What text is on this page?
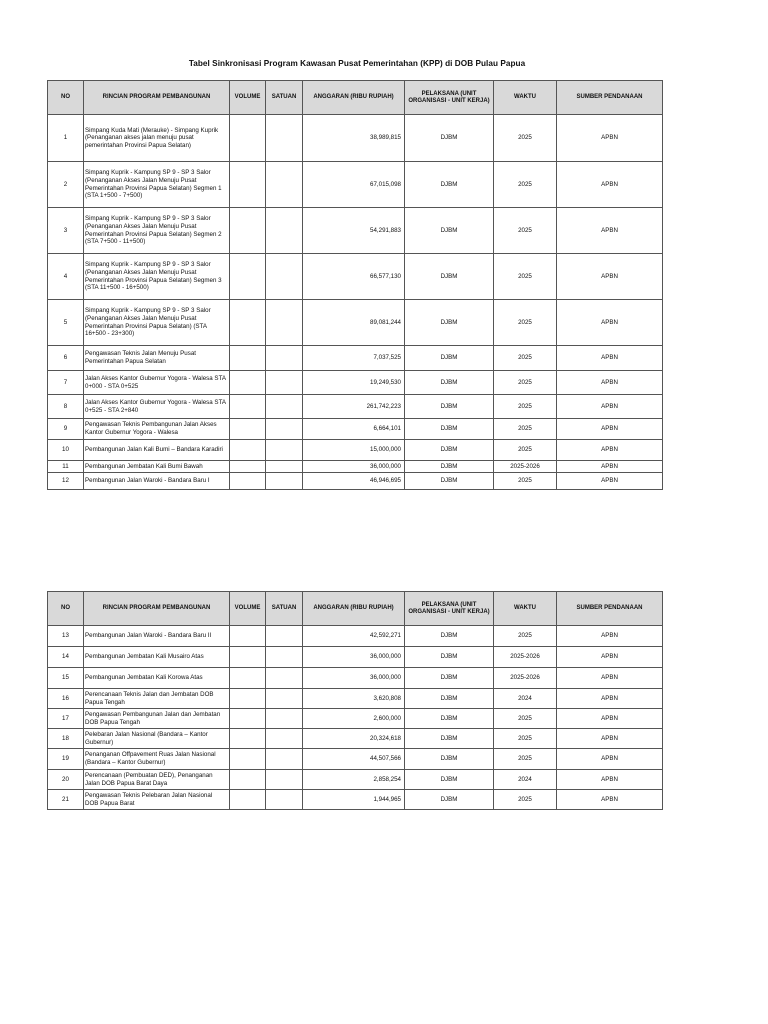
Tabel Sinkronisasi Program Kawasan Pusat Pemerintahan (KPP) di DOB Pulau Papua
NO	RINCIAN PROGRAM PEMBANGUNAN	VOLUME	SATUAN	ANGGARAN (RIBU RUPIAH)	PELAKSANA (UNIT ORGANISASI - UNIT KERJA)	WAKTU	SUMBER PENDANAAN
1	Simpang Kuda Mati (Merauke) - Simpang Kuprik (Penanganan akses jalan menuju pusat pemerintahan Provinsi Papua Selatan)			38,989,815	DJBM	2025	APBN
2	Simpang Kuprik - Kampung SP 9 - SP 3 Salor (Penanganan Akses Jalan Menuju Pusat Pemerintahan Provinsi Papua Selatan) Segmen 1 (STA 1+500 - 7+500)			67,015,098	DJBM	2025	APBN
3	Simpang Kuprik - Kampung SP 9 - SP 3 Salor (Penanganan Akses Jalan Menuju Pusat Pemerintahan Provinsi Papua Selatan) Segmen 2 (STA 7+500 - 11+500)			54,291,883	DJBM	2025	APBN
4	Simpang Kuprik - Kampung SP 9 - SP 3 Salor (Penanganan Akses Jalan Menuju Pusat Pemerintahan Provinsi Papua Selatan) Segmen 3 (STA 11+500 - 16+500)			66,577,130	DJBM	2025	APBN
5	Simpang Kuprik - Kampung SP 9 - SP 3 Salor (Penanganan Akses Jalan Menuju Pusat Pemerintahan Provinsi Papua Selatan) (STA 16+500 - 23+300)			89,081,244	DJBM	2025	APBN
6	Pengawasan Teknis Jalan Menuju Pusat Pemerintahan Papua Selatan			7,037,525	DJBM	2025	APBN
7	Jalan Akses Kantor Gubernur Yogora - Walesa STA 0+000 - STA 0+525			19,249,530	DJBM	2025	APBN
8	Jalan Akses Kantor Gubernur Yogora - Walesa STA 0+525 - STA 2+840			261,742,223	DJBM	2025	APBN
9	Pengawasan Teknis Pembangunan Jalan Akses Kantor Gubernur Yogora - Walesa			6,664,101	DJBM	2025	APBN
10	Pembangunan Jalan Kali Bumi – Bandara Karadiri			15,000,000	DJBM	2025	APBN
11	Pembangunan Jembatan Kali Bumi Bawah			36,000,000	DJBM	2025-2026	APBN
12	Pembangunan Jalan Waroki - Bandara Baru I			46,946,695	DJBM	2025	APBN
NO	RINCIAN PROGRAM PEMBANGUNAN	VOLUME	SATUAN	ANGGARAN (RIBU RUPIAH)	PELAKSANA (UNIT ORGANISASI - UNIT KERJA)	WAKTU	SUMBER PENDANAAN
13	Pembangunan Jalan Waroki - Bandara Baru II			42,592,271	DJBM	2025	APBN
14	Pembangunan Jembatan Kali Musairo Atas			36,000,000	DJBM	2025-2026	APBN
15	Pembangunan Jembatan Kali Korowa Atas			36,000,000	DJBM	2025-2026	APBN
16	Perencanaan Teknis Jalan dan Jembatan DOB Papua Tengah			3,620,808	DJBM	2024	APBN
17	Pengawasan Pembangunan Jalan dan Jembatan DOB Papua Tengah			2,600,000	DJBM	2025	APBN
18	Pelebaran Jalan Nasional (Bandara – Kantor Gubernur)			20,324,618	DJBM	2025	APBN
19	Penanganan Offpavement Ruas Jalan Nasional (Bandara – Kantor Gubernur)			44,507,566	DJBM	2025	APBN
20	Perencanaan (Pembuatan DED), Penanganan Jalan DOB Papua Barat Daya			2,858,254	DJBM	2024	APBN
21	Pengawasan Teknis Pelebaran Jalan Nasional DOB Papua Barat			1,944,965	DJBM	2025	APBN
